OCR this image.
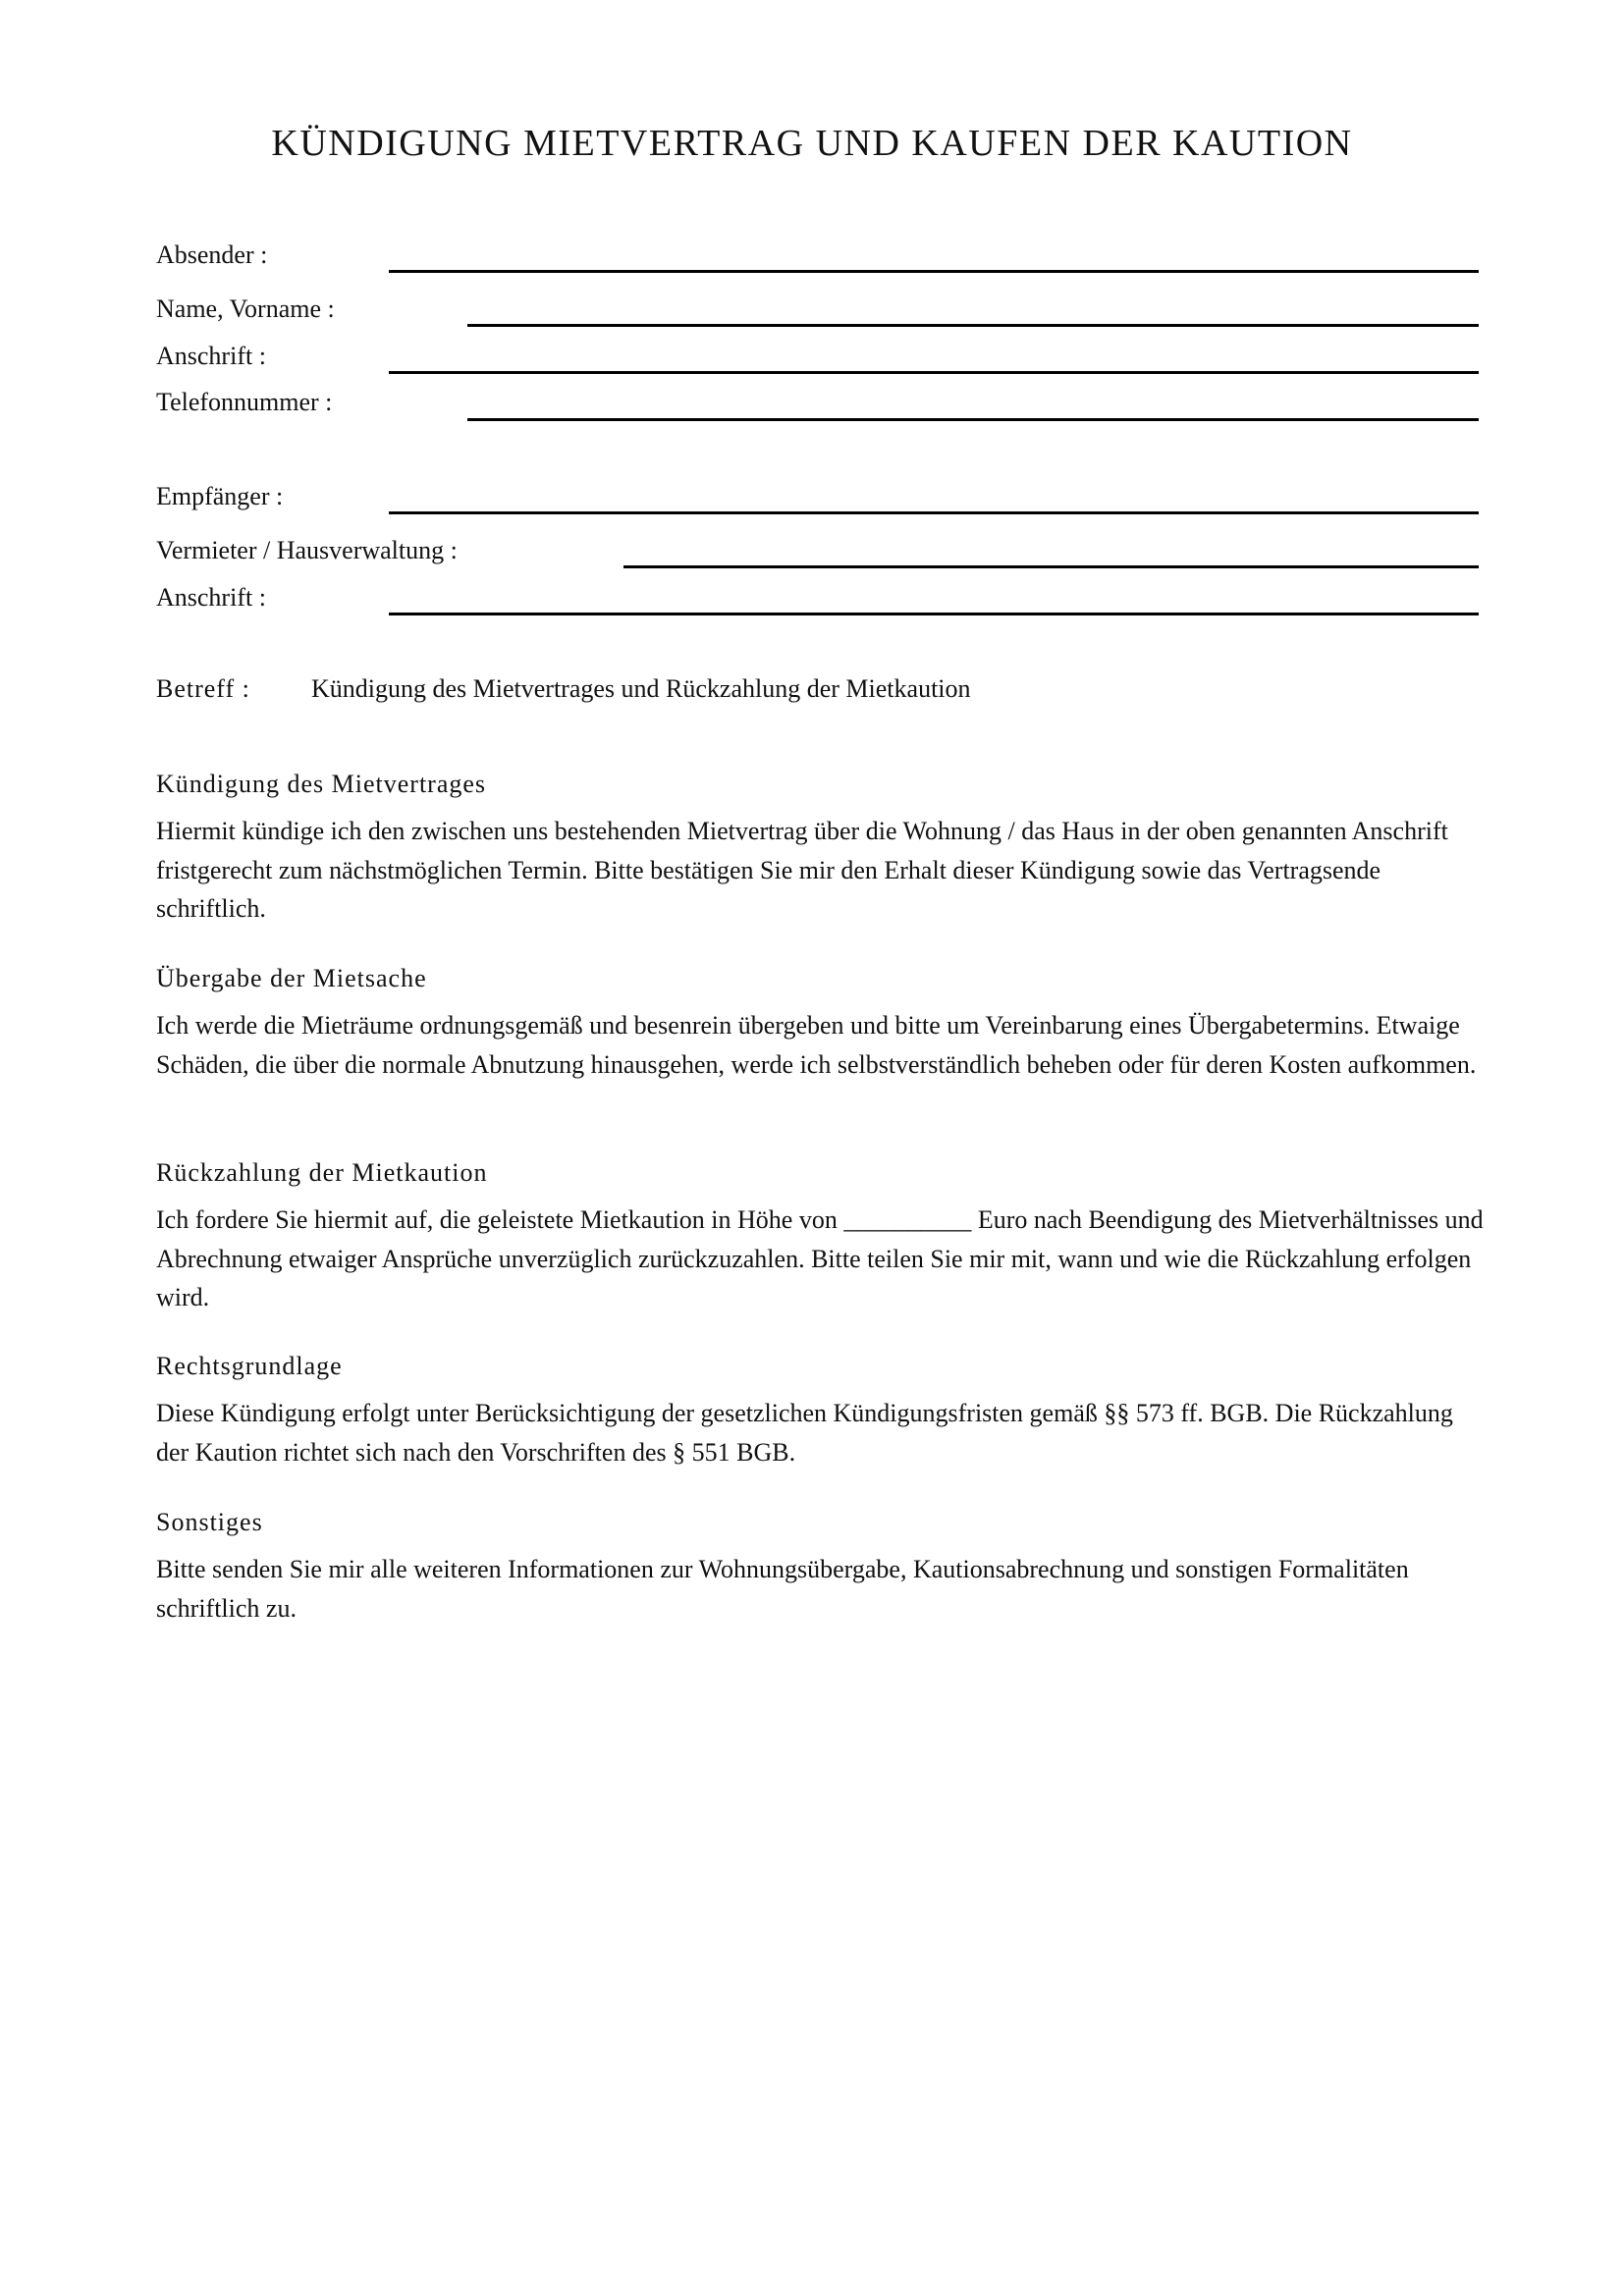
KÜNDIGUNG MIETVERTRAG UND KAUFEN DER KAUTION
Absender :
Name, Vorname :
Anschrift :
Telefonnummer :
Empfänger :
Vermieter / Hausverwaltung :
Anschrift :
Betreff : Kündigung des Mietvertrages und Rückzahlung der Mietkaution
Kündigung des Mietvertrages

Hiermit kündige ich den zwischen uns bestehenden Mietvertrag über die Wohnung / das Haus in der oben genannten Anschrift fristgerecht zum nächstmöglichen Termin. Bitte bestätigen Sie mir den Erhalt dieser Kündigung sowie das Vertragsende schriftlich.

Übergabe der Mietsache

Ich werde die Mieträume ordnungsgemäß und besenrein übergeben und bitte um Vereinbarung eines Übergabetermins. Etwaige Schäden, die über die normale Abnutzung hinausgehen, werde ich selbstverständlich beheben oder für deren Kosten aufkommen.

Rückzahlung der Mietkaution

Ich fordere Sie hiermit auf, die geleistete Mietkaution in Höhe von __________ Euro nach Beendigung des Mietverhältnisses und Abrechnung etwaiger Ansprüche unverzüglich zurückzuzahlen. Bitte teilen Sie mir mit, wann und wie die Rückzahlung erfolgen wird.

Rechtsgrundlage

Diese Kündigung erfolgt unter Berücksichtigung der gesetzlichen Kündigungsfristen gemäß §§ 573 ff. BGB. Die Rückzahlung der Kaution richtet sich nach den Vorschriften des § 551 BGB.

Sonstiges

Bitte senden Sie mir alle weiteren Informationen zur Wohnungsübergabe, Kautionsabrechnung und sonstigen Formalitäten schriftlich zu.
